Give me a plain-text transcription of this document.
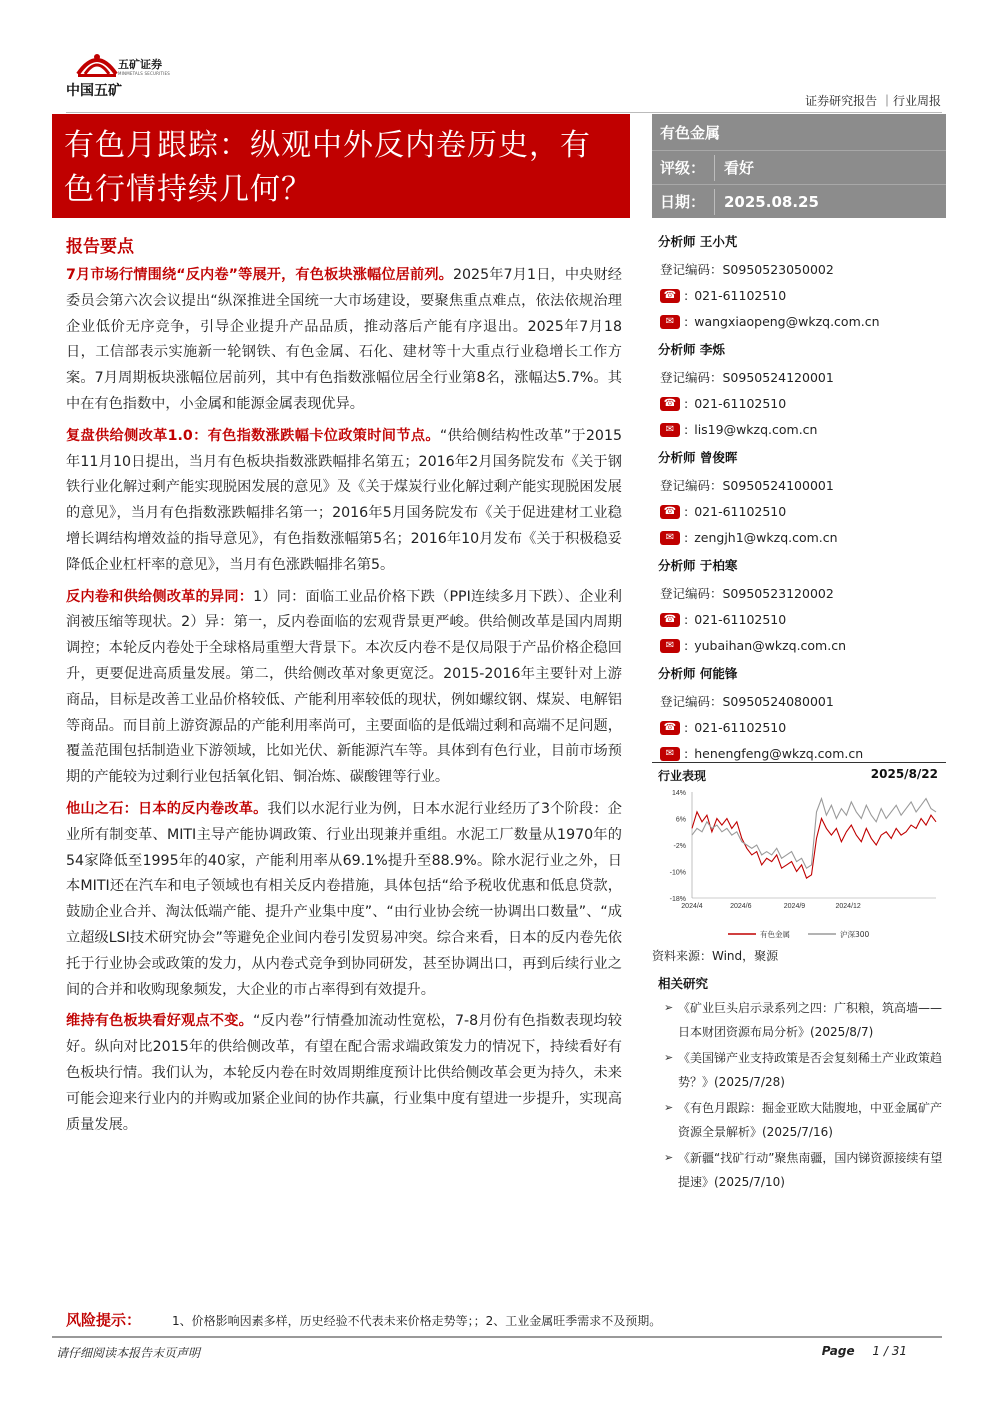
中国五矿
五矿证券
MINMETALS SECURITIES
证券研究报告 ｜行业周报
有色月跟踪：纵观中外反内卷历史，有色行情持续几何？
有色金属
评级： 看好
日期： 2025.08.25
报告要点

7月市场行情围绕“反内卷”等展开，有色板块涨幅位居前列。2025年7月1日，中央财经委员会第六次会议提出“纵深推进全国统一大市场建设，要聚焦重点难点，依法依规治理企业低价无序竞争，引导企业提升产品品质，推动落后产能有序退出。2025年7月18日，工信部表示实施新一轮钢铁、有色金属、石化、建材等十大重点行业稳增长工作方案。7月周期板块涨幅位居前列，其中有色指数涨幅位居全行业第8名，涨幅达5.7%。其中在有色指数中，小金属和能源金属表现优异。

复盘供给侧改革1.0：有色指数涨跌幅卡位政策时间节点。“供给侧结构性改革”于2015年11月10日提出，当月有色板块指数涨跌幅排名第五；2016年2月国务院发布《关于钢铁行业化解过剩产能实现脱困发展的意见》及《关于煤炭行业化解过剩产能实现脱困发展的意见》，当月有色指数涨跌幅排名第一；2016年5月国务院发布《关于促进建材工业稳增长调结构增效益的指导意见》，有色指数涨幅第5名；2016年10月发布《关于积极稳妥降低企业杠杆率的意见》，当月有色涨跌幅排名第5。

反内卷和供给侧改革的异同：1）同：面临工业品价格下跌（PPI连续多月下跌）、企业利润被压缩等现状。2）异：第一，反内卷面临的宏观背景更严峻。供给侧改革是国内周期调控；本轮反内卷处于全球格局重塑大背景下。本次反内卷不是仅局限于产品价格企稳回升，更要促进高质量发展。第二，供给侧改革对象更宽泛。2015-2016年主要针对上游商品，目标是改善工业品价格较低、产能利用率较低的现状，例如螺纹钢、煤炭、电解铝等商品。而目前上游资源品的产能利用率尚可，主要面临的是低端过剩和高端不足问题，覆盖范围包括制造业下游领域，比如光伏、新能源汽车等。具体到有色行业，目前市场预期的产能较为过剩行业包括氧化铝、铜冶炼、碳酸锂等行业。

他山之石：日本的反内卷改革。我们以水泥行业为例，日本水泥行业经历了3个阶段：企业所有制变革、MITI主导产能协调政策、行业出现兼并重组。水泥工厂数量从1970年的54家降低至1995年的40家，产能利用率从69.1%提升至88.9%。除水泥行业之外，日本MITI还在汽车和电子领域也有相关反内卷措施，具体包括“给予税收优惠和低息贷款，鼓励企业合并、淘汰低端产能、提升产业集中度”、“由行业协会统一协调出口数量”、“成立超级LSI技术研究协会”等避免企业间内卷引发贸易冲突。综合来看，日本的反内卷先依托于行业协会或政策的发力，从内卷式竞争到协同研发，甚至协调出口，再到后续行业之间的合并和收购现象频发，大企业的市占率得到有效提升。

维持有色板块看好观点不变。“反内卷”行情叠加流动性宽松，7-8月份有色指数表现均较好。纵向对比2015年的供给侧改革，有望在配合需求端政策发力的情况下，持续看好有色板块行情。我们认为，本轮反内卷在时效周期维度预计比供给侧改革会更为持久，未来可能会迎来行业内的并购或加紧企业间的协作共赢，行业集中度有望进一步提升，实现高质量发展。

分析师 王小芃
登记编码：S0950523050002
☎ : 021-61102510
✉ : wangxiaopeng@wkzq.com.cn
分析师 李烁
登记编码：S0950524120001
☎ : 021-61102510
✉ : lis19@wkzq.com.cn
分析师 曾俊晖
登记编码：S0950524100001
☎ : 021-61102510
✉ : zengjh1@wkzq.com.cn
分析师 于柏寒
登记编码：S0950523120002
☎ : 021-61102510
✉ : yubaihan@wkzq.com.cn
分析师 何能锋
登记编码：S0950524080001
☎ : 021-61102510
✉ : henengfeng@wkzq.com.cn
行业表现	2025/8/22
14%
6%
-2%
-10%
-18%
2024/4	2024/6	2024/9	2024/12
有色金属	沪深300
资料来源：Wind，聚源
相关研究
➢ 《矿业巨头启示录系列之四：广积粮，筑高墙——日本财团资源布局分析》(2025/8/7)
➢ 《美国锑产业支持政策是否会复刻稀土产业政策趋势？》(2025/7/28)
➢ 《有色月跟踪：掘金亚欧大陆腹地，中亚金属矿产资源全景解析》(2025/7/16)
➢ 《新疆“找矿行动”聚焦南疆，国内锑资源接续有望提速》(2025/7/10)
风险提示：	1、价格影响因素多样，历史经验不代表未来价格走势等；；2、工业金属旺季需求不及预期。
请仔细阅读本报告末页声明	Page 1 / 31
